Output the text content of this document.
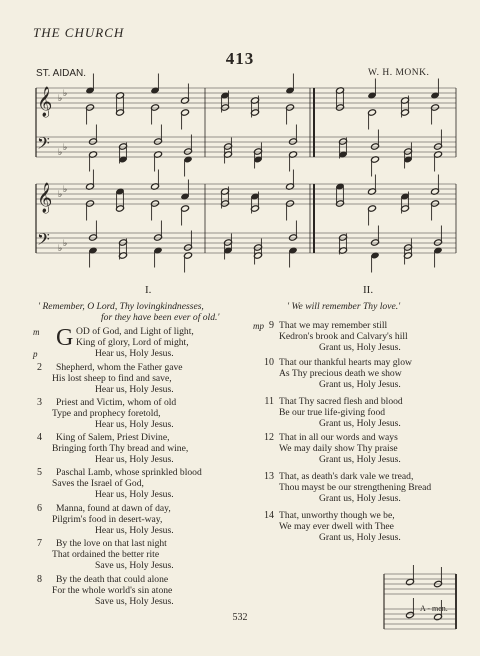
THE CHURCH
413
ST. AIDAN.	W. H. MONK.
𝄞
𝄞
𝄢
𝄢
♭ ♭
♭ ♭
♭ ♭
♭ ♭
I.
' Remember, O Lord, Thy lovingkindnesses,
for they have been ever of old.'
G OD of God, and Light of light,
King of glory, Lord of might,
Hear us, Holy Jesus.
2 Shepherd, whom the Father gave
His lost sheep to find and save,
Hear us, Holy Jesus.
3 Priest and Victim, whom of old
Type and prophecy foretold,
Hear us, Holy Jesus.
4 King of Salem, Priest Divine,
Bringing forth Thy bread and wine,
Hear us, Holy Jesus.
5 Paschal Lamb, whose sprinkled blood
Saves the Israel of God,
Hear us, Holy Jesus.
6 Manna, found at dawn of day,
Pilgrim's food in desert-way,
Hear us, Holy Jesus.
7 By the love on that last night
That ordained the better rite
Save us, Holy Jesus.
8 By the death that could alone
For the whole world's sin atone
Save us, Holy Jesus.
m
p
II.
' We will remember Thy love.'
9 That we may remember still
Kedron's brook and Calvary's hill
Grant us, Holy Jesus.
10 That our thankful hearts may glow
As Thy precious death we show
Grant us, Holy Jesus.
11 That Thy sacred flesh and blood
Be our true life-giving food
Grant us, Holy Jesus.
12 That in all our words and ways
We may daily show Thy praise
Grant us, Holy Jesus.
13 That, as death's dark vale we tread,
Thou mayst be our strengthening Bread
Grant us, Holy Jesus.
14 That, unworthy though we be,
We may ever dwell with Thee
Grant us, Holy Jesus.
mp
A - men.
532
